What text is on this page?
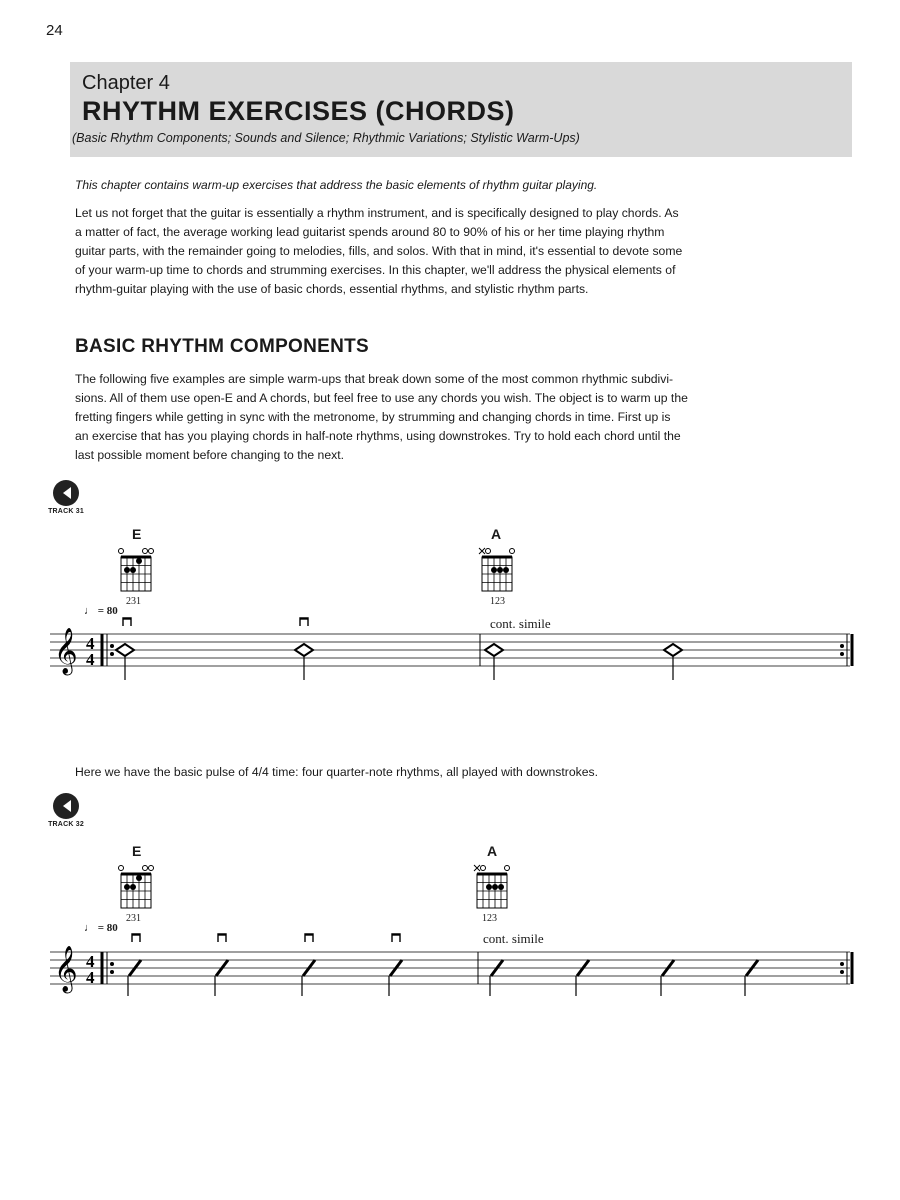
24
Chapter 4
RHYTHM EXERCISES (CHORDS)
(Basic Rhythm Components; Sounds and Silence; Rhythmic Variations; Stylistic Warm-Ups)
This chapter contains warm-up exercises that address the basic elements of rhythm guitar playing.
Let us not forget that the guitar is essentially a rhythm instrument, and is specifically designed to play chords. As
a matter of fact, the average working lead guitarist spends around 80 to 90% of his or her time playing rhythm
guitar parts, with the remainder going to melodies, fills, and solos. With that in mind, it's essential to devote some
of your warm-up time to chords and strumming exercises. In this chapter, we'll address the physical elements of
rhythm-guitar playing with the use of basic chords, essential rhythms, and stylistic rhythm parts.
BASIC RHYTHM COMPONENTS
The following five examples are simple warm-ups that break down some of the most common rhythmic subdivi-
sions. All of them use open-E and A chords, but feel free to use any chords you wish. The object is to warm up the
fretting fingers while getting in sync with the metronome, by strumming and changing chords in time. First up is
an exercise that has you playing chords in half-note rhythms, using downstrokes. Try to hold each chord until the
last possible moment before changing to the next.
TRACK 31
E	A
231	123
♩ = 80
cont. simile
Here we have the basic pulse of 4/4 time: four quarter-note rhythms, all played with downstrokes.
TRACK 32
E	A
231	123
♩ = 80
cont. simile
𝄞 4
4
𝄞 4
4
